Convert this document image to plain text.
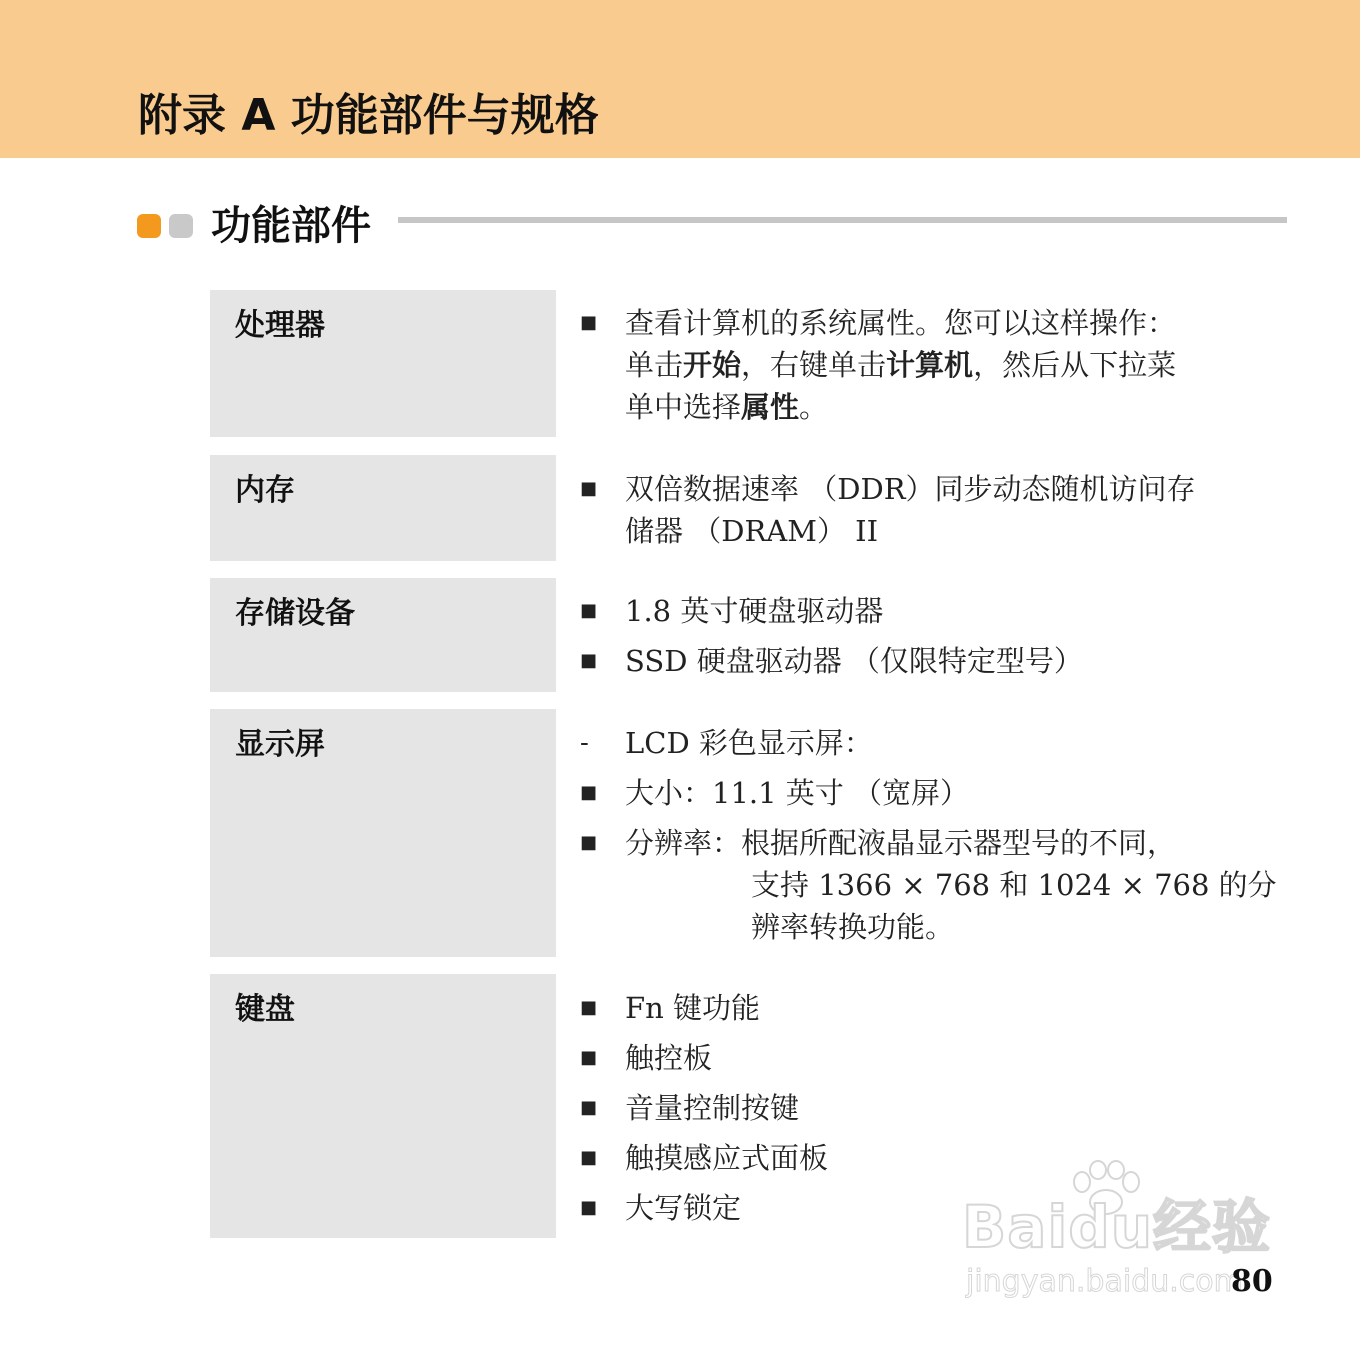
附录 A 功能部件与规格
功能部件
处理器	■ 查看计算机的系统属性。您可以这样操作：
单击开始，右键单击计算机，然后从下拉菜
单中选择属性。
内存	■ 双倍数据速率 （DDR）同步动态随机访问存
储器 （DRAM） II
存储设备	■ 1.8 英寸硬盘驱动器
■ SSD 硬盘驱动器 （仅限特定型号）
显示屏	-	LCD 彩色显示屏：
■ 大小：11.1 英寸 （宽屏）
■ 分辨率：根据所配液晶显示器型号的不同，
支持 1366 × 768 和 1024 × 768 的分
辨率转换功能。
键盘	■ Fn 键功能
■ 触控板
■ 音量控制按键
■ 触摸感应式面板
■ 大写锁定	Baidu经验
jingyan.baidu.com
80
